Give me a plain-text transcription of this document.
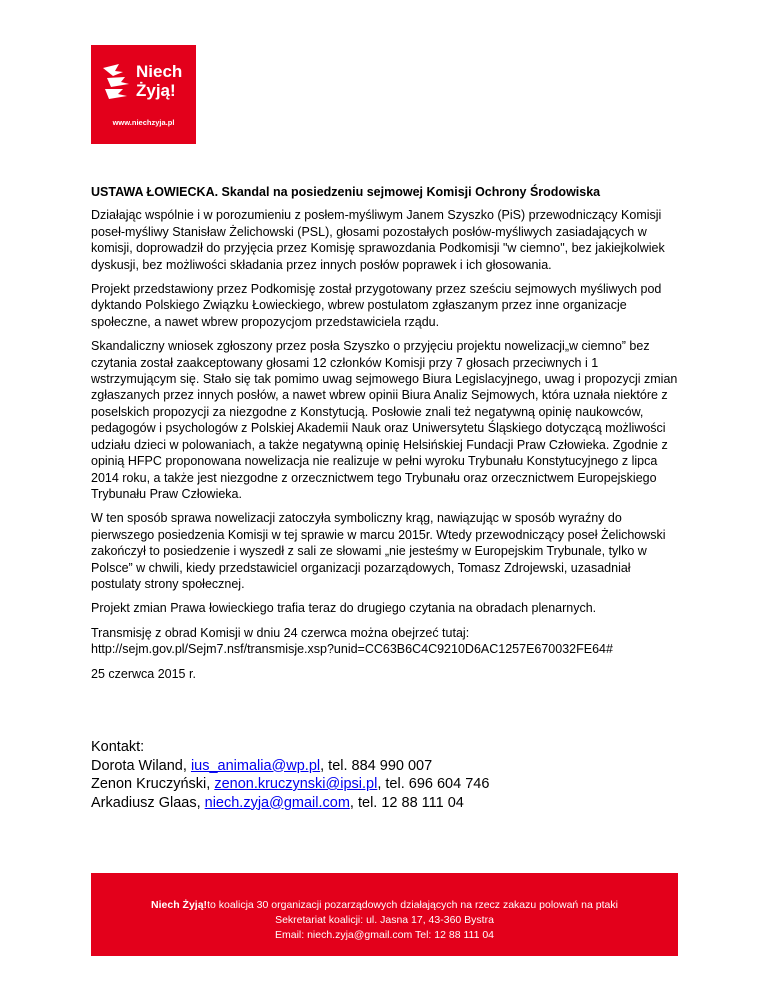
Niech
Żyją!
www.niechzyja.pl
USTAWA ŁOWIECKA. Skandal na posiedzeniu sejmowej Komisji Ochrony Środowiska

Działając wspólnie i w porozumieniu z posłem-myśliwym Janem Szyszko (PiS) przewodniczący Komisji poseł-myśliwy Stanisław Żelichowski (PSL), głosami pozostałych posłów-myśliwych zasiadających w komisji, doprowadził do przyjęcia przez Komisję sprawozdania Podkomisji "w ciemno", bez jakiejkolwiek dyskusji, bez możliwości składania przez innych posłów poprawek i ich głosowania.

Projekt przedstawiony przez Podkomisję został przygotowany przez sześciu sejmowych myśliwych pod dyktando Polskiego Związku Łowieckiego, wbrew postulatom zgłaszanym przez inne organizacje społeczne, a nawet wbrew propozycjom przedstawiciela rządu.

Skandaliczny wniosek zgłoszony przez posła Szyszko o przyjęciu projektu nowelizacji„w ciemno” bez czytania został zaakceptowany głosami 12 członków Komisji przy 7 głosach przeciwnych i 1 wstrzymującym się. Stało się tak pomimo uwag sejmowego Biura Legislacyjnego, uwag i propozycji zmian zgłaszanych przez innych posłów, a nawet wbrew opinii Biura Analiz Sejmowych, która uznała niektóre z poselskich propozycji za niezgodne z Konstytucją. Posłowie znali też negatywną opinię naukowców, pedagogów i psychologów z Polskiej Akademii Nauk oraz Uniwersytetu Śląskiego dotyczącą możliwości udziału dzieci w polowaniach, a także negatywną opinię Helsińskiej Fundacji Praw Człowieka. Zgodnie z opinią HFPC proponowana nowelizacja nie realizuje w pełni wyroku Trybunału Konstytucyjnego z lipca 2014 roku, a także jest niezgodne z orzecznictwem tego Trybunału oraz orzecznictwem Europejskiego Trybunału Praw Człowieka.

W ten sposób sprawa nowelizacji zatoczyła symboliczny krąg, nawiązując w sposób wyraźny do pierwszego posiedzenia Komisji w tej sprawie w marcu 2015r. Wtedy przewodniczący poseł Żelichowski zakończył to posiedzenie i wyszedł z sali ze słowami „nie jesteśmy w Europejskim Trybunale, tylko w Polsce” w chwili, kiedy przedstawiciel organizacji pozarządowych, Tomasz Zdrojewski, uzasadniał postulaty strony społecznej.

Projekt zmian Prawa łowieckiego trafia teraz do drugiego czytania na obradach plenarnych.

Transmisję z obrad Komisji w dniu 24 czerwca można obejrzeć tutaj: http://sejm.gov.pl/Sejm7.nsf/transmisje.xsp?unid=CC63B6C4C9210D6AC1257E670032FE64#

25 czerwca 2015 r.

Kontakt:
Dorota Wiland, ius_animalia@wp.pl, tel. 884 990 007
Zenon Kruczyński, zenon.kruczynski@ipsi.pl, tel. 696 604 746
Arkadiusz Glaas, niech.zyja@gmail.com, tel. 12 88 111 04
Niech Żyją!to koalicja 30 organizacji pozarządowych działających na rzecz zakazu polowań na ptaki
Sekretariat koalicji: ul. Jasna 17, 43-360 Bystra
Email: niech.zyja@gmail.com Tel: 12 88 111 04
